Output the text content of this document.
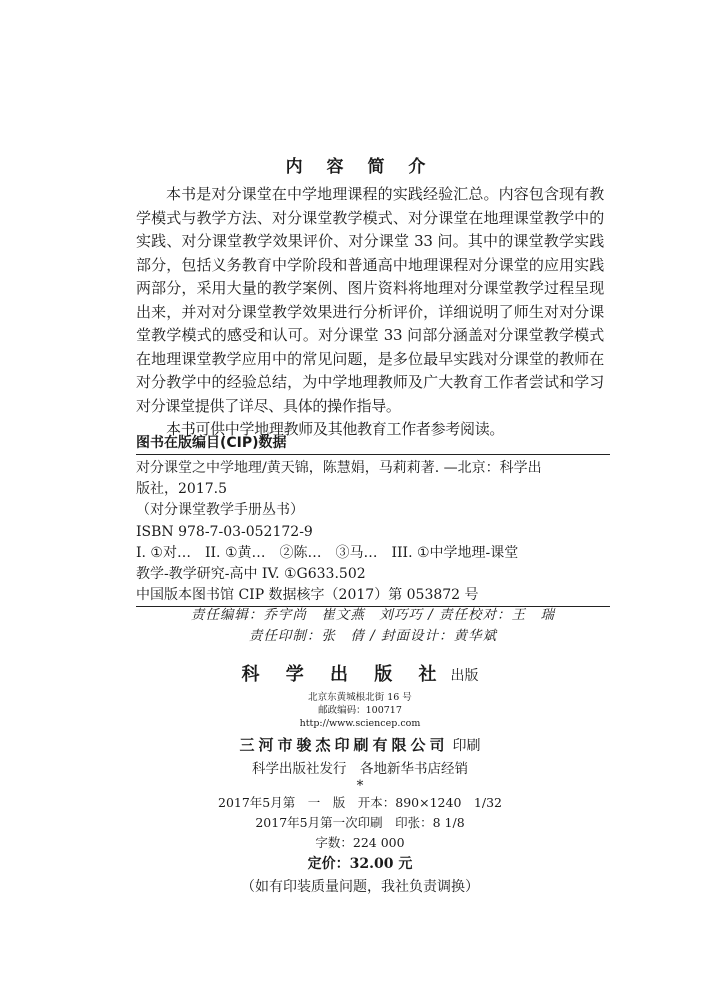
内 容 简 介

本书是对分课堂在中学地理课程的实践经验汇总。内容包含现有教学模式与教学方法、对分课堂教学模式、对分课堂在地理课堂教学中的实践、对分课堂教学效果评价、对分课堂 33 问。其中的课堂教学实践部分，包括义务教育中学阶段和普通高中地理课程对分课堂的应用实践两部分，采用大量的教学案例、图片资料将地理对分课堂教学过程呈现出来，并对对分课堂教学效果进行分析评价，详细说明了师生对对分课堂教学模式的感受和认可。对分课堂 33 问部分涵盖对分课堂教学模式在地理课堂教学应用中的常见问题，是多位最早实践对分课堂的教师在对分教学中的经验总结，为中学地理教师及广大教育工作者尝试和学习对分课堂提供了详尽、具体的操作指导。

本书可供中学地理教师及其他教育工作者参考阅读。

图书在版编目(CIP)数据
对分课堂之中学地理/黄天锦，陈慧娟，马莉莉著. —北京：科学出
版社，2017.5
（对分课堂教学手册丛书）
ISBN 978-7-03-052172-9
I. ①对…　II. ①黄…　②陈…　③马…　III. ①中学地理-课堂
教学-教学研究-高中 IV. ①G633.502
中国版本图书馆 CIP 数据核字（2017）第 053872 号
责任编辑：乔宇尚　崔文燕　刘巧巧 / 责任校对：王　瑞
责任印制：张　倩 / 封面设计：黄华斌
科 学 出 版 社 出版
北京东黄城根北街 16 号
邮政编码：100717
http://www.sciencep.com
三河市骏杰印刷有限公司 印刷
科学出版社发行　各地新华书店经销
*
2017年5月第　一　版　开本：890×1240　1/32
2017年5月第一次印刷　印张：8 1/8
字数：224 000
定价：32.00 元
（如有印装质量问题，我社负责调换）
